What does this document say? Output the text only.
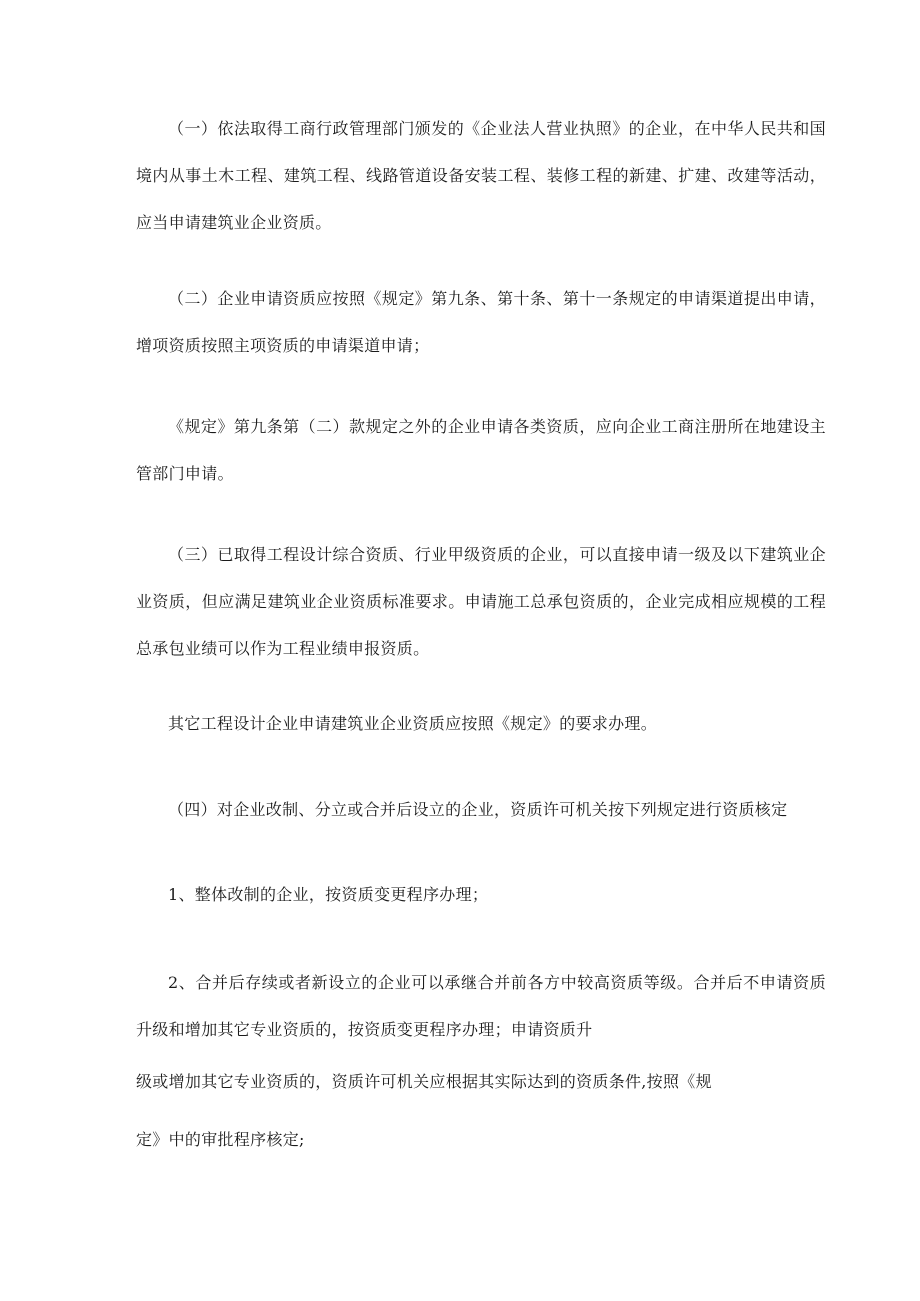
（一）依法取得工商行政管理部门颁发的《企业法人营业执照》的企业，在中华人民共和国境内从事土木工程、建筑工程、线路管道设备安装工程、装修工程的新建、扩建、改建等活动，应当申请建筑业企业资质。

（二）企业申请资质应按照《规定》第九条、第十条、第十一条规定的申请渠道提出申请，增项资质按照主项资质的申请渠道申请；

《规定》第九条第（二）款规定之外的企业申请各类资质，应向企业工商注册所在地建设主管部门申请。

（三）已取得工程设计综合资质、行业甲级资质的企业，可以直接申请一级及以下建筑业企业资质，但应满足建筑业企业资质标准要求。申请施工总承包资质的，企业完成相应规模的工程总承包业绩可以作为工程业绩申报资质。

其它工程设计企业申请建筑业企业资质应按照《规定》的要求办理。

（四）对企业改制、分立或合并后设立的企业，资质许可机关按下列规定进行资质核定

1、整体改制的企业，按资质变更程序办理；

2、合并后存续或者新设立的企业可以承继合并前各方中较高资质等级。合并后不申请资质升级和增加其它专业资质的，按资质变更程序办理；申请资质升

级或增加其它专业资质的，资质许可机关应根据其实际达到的资质条件,按照《规

定》中的审批程序核定;
